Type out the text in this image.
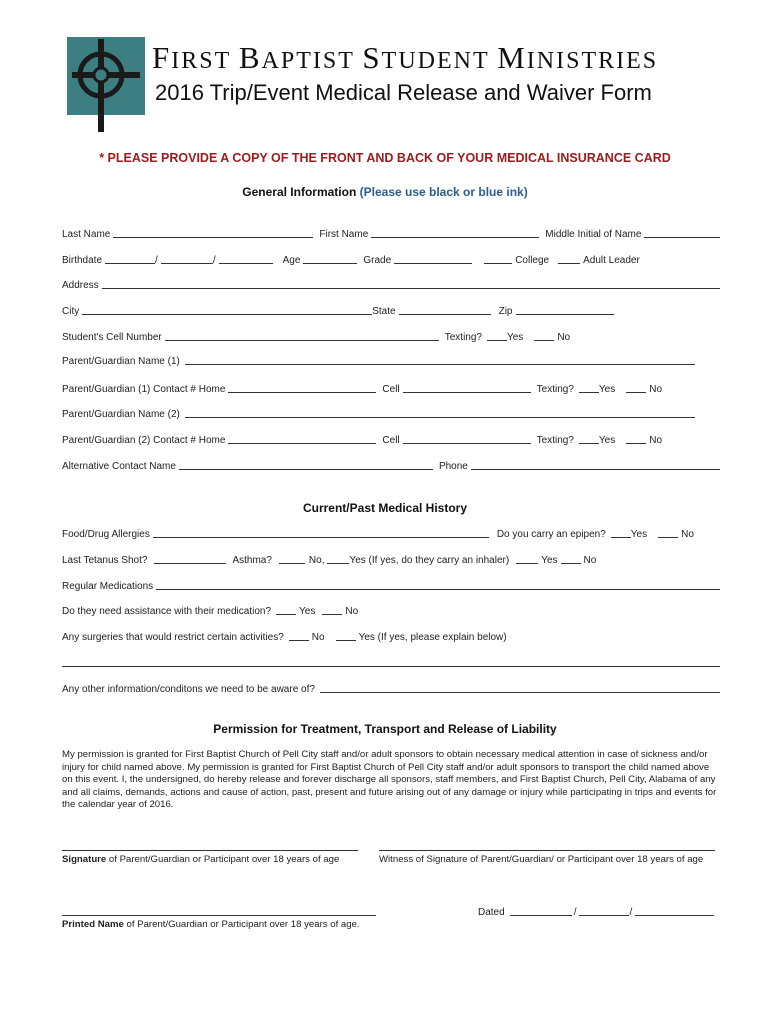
FIRST BAPTIST STUDENT MINISTRIES
2016 Trip/Event Medical Release and Waiver Form
* PLEASE PROVIDE A COPY OF THE FRONT AND BACK OF YOUR MEDICAL INSURANCE CARD
General Information (Please use black or blue ink)
Last Name	First Name	Middle Initial of Name
Birthdate	/	/	Age	Grade	College	Adult Leader
Address
City	State	Zip
Student's Cell Number	Texting?	Yes	No
Parent/Guardian Name (1)
Parent/Guardian (1) Contact # Home	Cell	Texting?	Yes	No
Parent/Guardian Name (2)
Parent/Guardian (2) Contact # Home	Cell	Texting?	Yes	No
Alternative Contact Name	Phone
Current/Past Medical History
Food/Drug Allergies	Do you carry an epipen?	Yes	No
Last Tetanus Shot?	Asthma?	No,	Yes (If yes, do they carry an inhaler)	Yes	No
Regular Medications
Do they need assistance with their medication?	Yes	No
Any surgeries that would restrict certain activities?	No	Yes (If yes, please explain below)
Any other information/conditons we need to be aware of?
Permission for Treatment, Transport and Release of Liability
My permission is granted for First Baptist Church of Pell City staff and/or adult sponsors to obtain necessary medical attention in case of sickness and/or injury for child named above. My permission is granted for First Baptist Church of Pell City staff and/or adult sponsors to transport the child named above on this event. I, the undersigned, do hereby release and forever discharge all sponsors, staff members, and First Baptist Church, Pell City, Alabama of any and all claims, demands, actions and cause of action, past, present and future arising out of any damage or injury while participating in trips and events for the calendar year of 2016.
Signature of Parent/Guardian or Participant over 18 years of age	Witness of Signature of Parent/Guardian/ or Participant over 18 years of age
Printed Name of Parent/Guardian or Participant over 18 years of age.
Dated	/	/
